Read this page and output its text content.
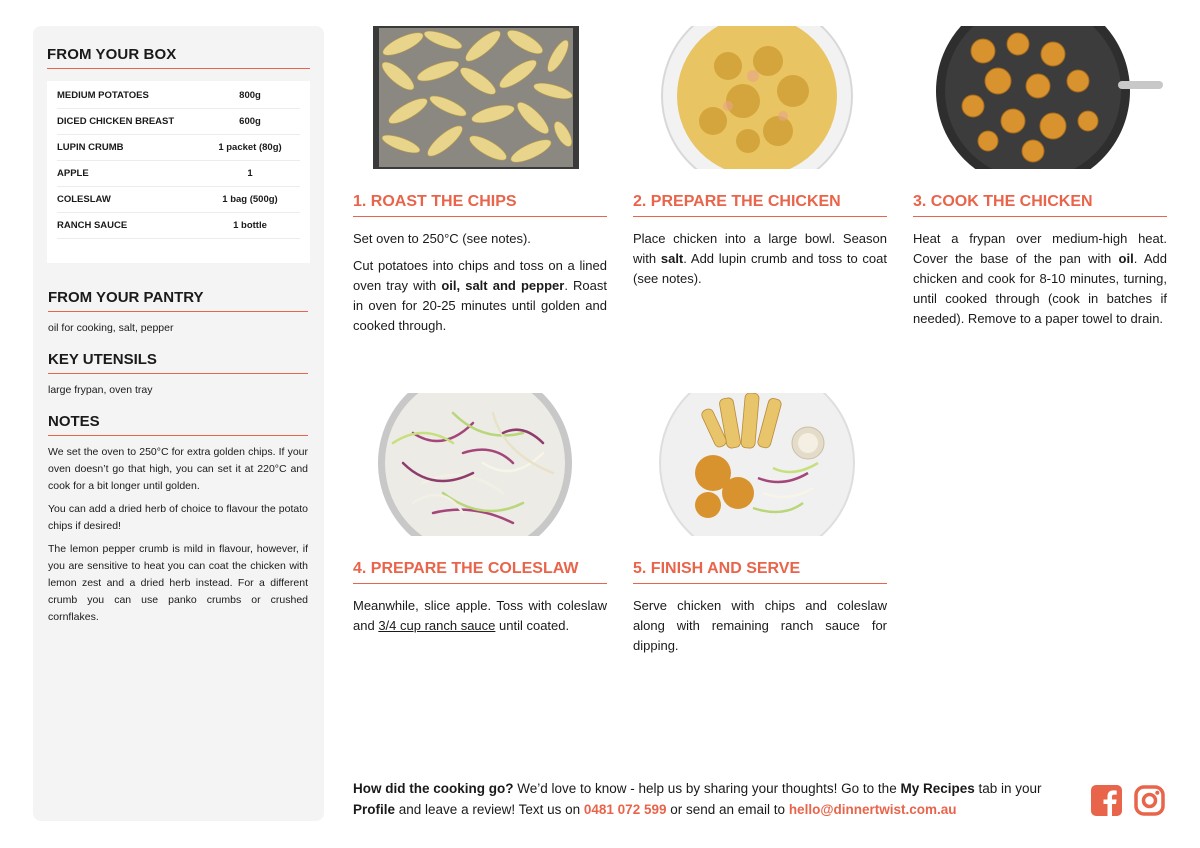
FROM YOUR BOX
MEDIUM POTATOES	800g
DICED CHICKEN BREAST	600g
LUPIN CRUMB	1 packet (80g)
APPLE	1
COLESLAW	1 bag (500g)
RANCH SAUCE	1 bottle
FROM YOUR PANTRY
oil for cooking, salt, pepper
KEY UTENSILS
large frypan, oven tray
NOTES

We set the oven to 250°C for extra golden chips. If your oven doesn’t go that high, you can set it at 220°C and cook for a bit longer until golden.

You can add a dried herb of choice to flavour the potato chips if desired!

The lemon pepper crumb is mild in flavour, however, if you are sensitive to heat you can coat the chicken with lemon zest and a dried herb instead. For a different crumb you can use panko crumbs or crushed cornflakes.

1. ROAST THE CHIPS

Set oven to 250°C (see notes).

Cut potatoes into chips and toss on a lined oven tray with oil, salt and pepper. Roast in oven for 20-25 minutes until golden and cooked through.

2. PREPARE THE CHICKEN

Place chicken into a large bowl. Season with salt. Add lupin crumb and toss to coat (see notes).

3. COOK THE CHICKEN

Heat a frypan over medium-high heat. Cover the base of the pan with oil. Add chicken and cook for 8-10 minutes, turning, until cooked through (cook in batches if needed). Remove to a paper towel to drain.

4. PREPARE THE COLESLAW

Meanwhile, slice apple. Toss with coleslaw and 3/4 cup ranch sauce until coated.

5. FINISH AND SERVE

Serve chicken with chips and coleslaw along with remaining ranch sauce for dipping.

How did the cooking go? We’d love to know - help us by sharing your thoughts! Go to the My Recipes tab in your Profile and leave a review! Text us on 0481 072 599 or send an email to hello@dinnertwist.com.au
